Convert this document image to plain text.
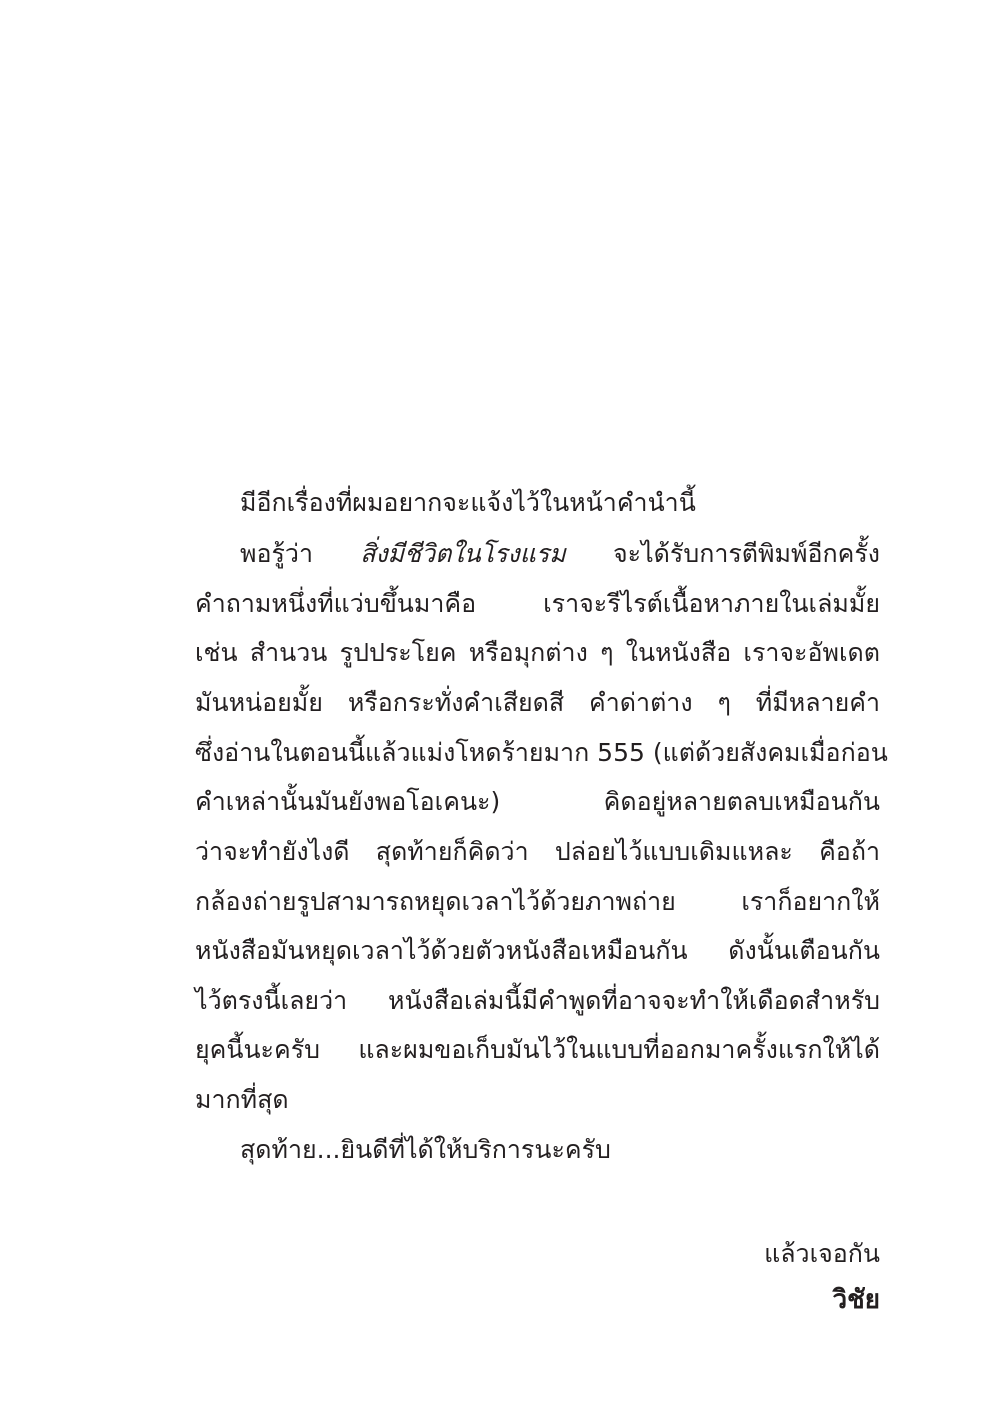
มีอีกเรื่องที่ผมอยากจะแจ้งไว้ในหน้าคำนำนี้
พอรู้ว่า สิ่งมีชีวิตในโรงแรม จะได้รับการตีพิมพ์อีกครั้ง
คำถามหนึ่งที่แว่บขึ้นมาคือ เราจะรีไรต์เนื้อหาภายในเล่มมั้ย
เช่น สำนวน รูปประโยค หรือมุกต่าง ๆ ในหนังสือ เราจะอัพเดต
มันหน่อยมั้ย หรือกระทั่งคำเสียดสี คำด่าต่าง ๆ ที่มีหลายคำ
ซึ่งอ่านในตอนนี้แล้วแม่งโหดร้ายมาก 555 (แต่ด้วยสังคมเมื่อก่อน
คำเหล่านั้นมันยังพอโอเคนะ) คิดอยู่หลายตลบเหมือนกัน
ว่าจะทำยังไงดี สุดท้ายก็คิดว่า ปล่อยไว้แบบเดิมแหละ คือถ้า
กล้องถ่ายรูปสามารถหยุดเวลาไว้ด้วยภาพถ่าย เราก็อยากให้
หนังสือมันหยุดเวลาไว้ด้วยตัวหนังสือเหมือนกัน ดังนั้นเตือนกัน
ไว้ตรงนี้เลยว่า หนังสือเล่มนี้มีคำพูดที่อาจจะทำให้เดือดสำหรับ
ยุคนี้นะครับ และผมขอเก็บมันไว้ในแบบที่ออกมาครั้งแรกให้ได้
มากที่สุด
สุดท้าย...ยินดีที่ได้ให้บริการนะครับ
แล้วเจอกัน
วิชัย
